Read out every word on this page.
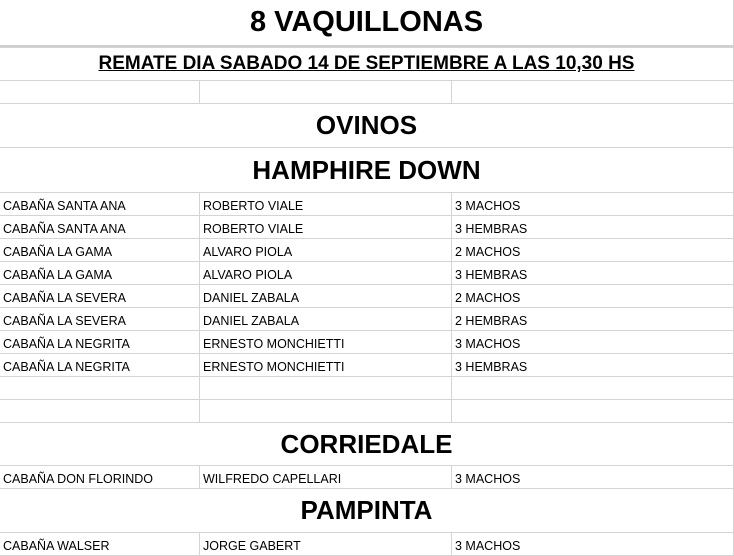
8 VAQUILLONAS
REMATE DIA SABADO 14 DE SEPTIEMBRE A LAS 10,30 HS
OVINOS
HAMPHIRE DOWN
CABAÑA SANTA ANA	ROBERTO VIALE	3 MACHOS
CABAÑA SANTA ANA	ROBERTO VIALE	3 HEMBRAS
CABAÑA LA GAMA	ALVARO PIOLA	2 MACHOS
CABAÑA LA GAMA	ALVARO PIOLA	3 HEMBRAS
CABAÑA LA SEVERA	DANIEL ZABALA	2 MACHOS
CABAÑA LA SEVERA	DANIEL ZABALA	2 HEMBRAS
CABAÑA LA NEGRITA	ERNESTO MONCHIETTI	3 MACHOS
CABAÑA LA NEGRITA	ERNESTO MONCHIETTI	3 HEMBRAS
CORRIEDALE
CABAÑA DON FLORINDO	WILFREDO CAPELLARI	3 MACHOS
PAMPINTA
CABAÑA WALSER	JORGE GABERT	3 MACHOS
